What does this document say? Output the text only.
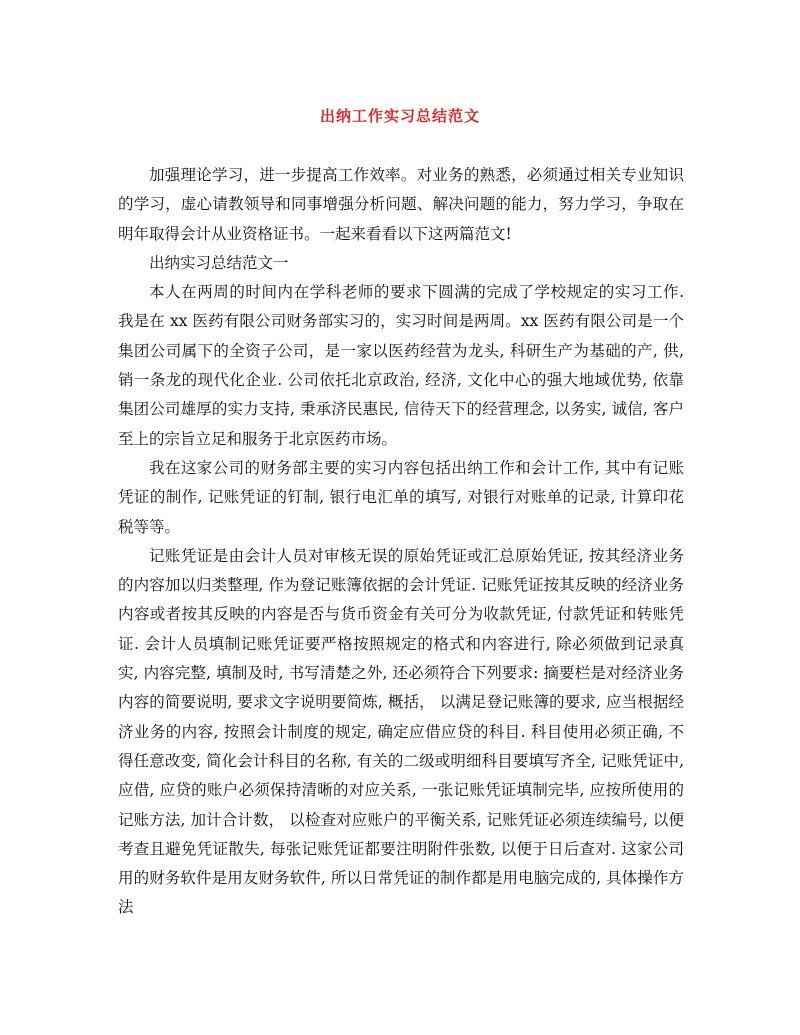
出纳工作实习总结范文

加强理论学习，进一步提高工作效率。对业务的熟悉，必须通过相关专业知识的学习，虚心请教领导和同事增强分析问题、解决问题的能力，努力学习，争取在明年取得会计从业资格证书。一起来看看以下这两篇范文!

出纳实习总结范文一

本人在两周的时间内在学科老师的要求下圆满的完成了学校规定的实习工作. 我是在 xx 医药有限公司财务部实习的，实习时间是两周。xx 医药有限公司是一个集团公司属下的全资子公司，是一家以医药经营为龙头, 科研生产为基础的产, 供, 销一条龙的现代化企业. 公司依托北京政治, 经济, 文化中心的强大地域优势, 依靠集团公司雄厚的实力支持, 秉承济民惠民, 信待天下的经营理念, 以务实, 诚信, 客户至上的宗旨立足和服务于北京医药市场。

我在这家公司的财务部主要的实习内容包括出纳工作和会计工作, 其中有记账凭证的制作, 记账凭证的钉制, 银行电汇单的填写, 对银行对账单的记录, 计算印花税等等。

记账凭证是由会计人员对审核无误的原始凭证或汇总原始凭证, 按其经济业务的内容加以归类整理, 作为登记账簿依据的会计凭证. 记账凭证按其反映的经济业务内容或者按其反映的内容是否与货币资金有关可分为收款凭证, 付款凭证和转账凭证. 会计人员填制记账凭证要严格按照规定的格式和内容进行, 除必须做到记录真实, 内容完整, 填制及时, 书写清楚之外, 还必须符合下列要求: 摘要栏是对经济业务内容的简要说明, 要求文字说明要简炼, 概括， 以满足登记账簿的要求, 应当根据经济业务的内容, 按照会计制度的规定, 确定应借应贷的科目. 科目使用必须正确, 不得任意改变, 简化会计科目的名称, 有关的二级或明细科目要填写齐全, 记账凭证中, 应借, 应贷的账户必须保持清晰的对应关系, 一张记账凭证填制完毕, 应按所使用的记账方法, 加计合计数， 以检查对应账户的平衡关系, 记账凭证必须连续编号, 以便考查且避免凭证散失, 每张记账凭证都要注明附件张数, 以便于日后查对. 这家公司用的财务软件是用友财务软件, 所以日常凭证的制作都是用电脑完成的, 具体操作方法
